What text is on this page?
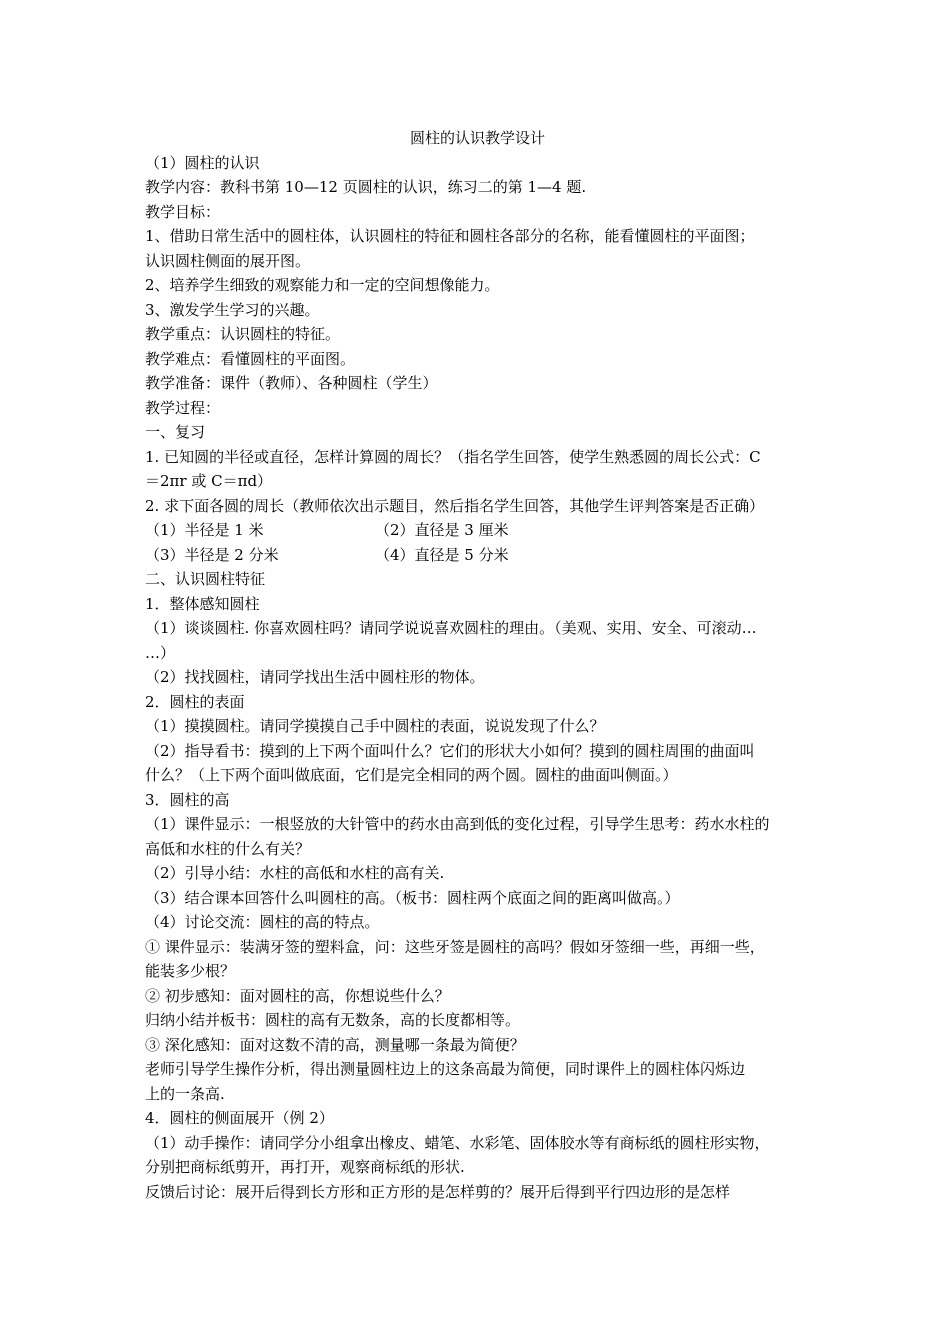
圆柱的认识教学设计

（1）圆柱的认识

教学内容：教科书第 10—12 页圆柱的认识，练习二的第 1—4 题.

教学目标：

1、借助日常生活中的圆柱体，认识圆柱的特征和圆柱各部分的名称，能看懂圆柱的平面图；

认识圆柱侧面的展开图。

2、培养学生细致的观察能力和一定的空间想像能力。

3、激发学生学习的兴趣。

教学重点：认识圆柱的特征。

教学难点：看懂圆柱的平面图。

教学准备：课件（教师）、各种圆柱（学生）

教学过程：

一、复习

1. 已知圆的半径或直径，怎样计算圆的周长？（指名学生回答，使学生熟悉圆的周长公式：C

＝2πr 或 C＝πd）

2. 求下面各圆的周长（教师依次出示题目，然后指名学生回答，其他学生评判答案是否正确）

（1）半径是 1 米	（2）直径是 3 厘米
（3）半径是 2 分米	（4）直径是 5 分米

二、认识圆柱特征

1．整体感知圆柱

（1）谈谈圆柱. 你喜欢圆柱吗？请同学说说喜欢圆柱的理由。（美观、实用、安全、可滚动…

…）

（2）找找圆柱，请同学找出生活中圆柱形的物体。

2．圆柱的表面

（1）摸摸圆柱。请同学摸摸自己手中圆柱的表面，说说发现了什么？

（2）指导看书：摸到的上下两个面叫什么？它们的形状大小如何？摸到的圆柱周围的曲面叫

什么？（上下两个面叫做底面，它们是完全相同的两个圆。圆柱的曲面叫侧面。）

3．圆柱的高

（1）课件显示：一根竖放的大针管中的药水由高到低的变化过程，引导学生思考：药水水柱的

高低和水柱的什么有关？

（2）引导小结：水柱的高低和水柱的高有关.

（3）结合课本回答什么叫圆柱的高。（板书：圆柱两个底面之间的距离叫做高。）

（4）讨论交流：圆柱的高的特点。

① 课件显示：装满牙签的塑料盒，问：这些牙签是圆柱的高吗？假如牙签细一些，再细一些，

能装多少根？

② 初步感知：面对圆柱的高，你想说些什么？

归纳小结并板书：圆柱的高有无数条，高的长度都相等。

③ 深化感知：面对这数不清的高，测量哪一条最为简便？

老师引导学生操作分析，得出测量圆柱边上的这条高最为简便，同时课件上的圆柱体闪烁边

上的一条高.

4．圆柱的侧面展开（例 2）

（1）动手操作：请同学分小组拿出橡皮、蜡笔、水彩笔、固体胶水等有商标纸的圆柱形实物，

分别把商标纸剪开，再打开，观察商标纸的形状.

反馈后讨论：展开后得到长方形和正方形的是怎样剪的？展开后得到平行四边形的是怎样
